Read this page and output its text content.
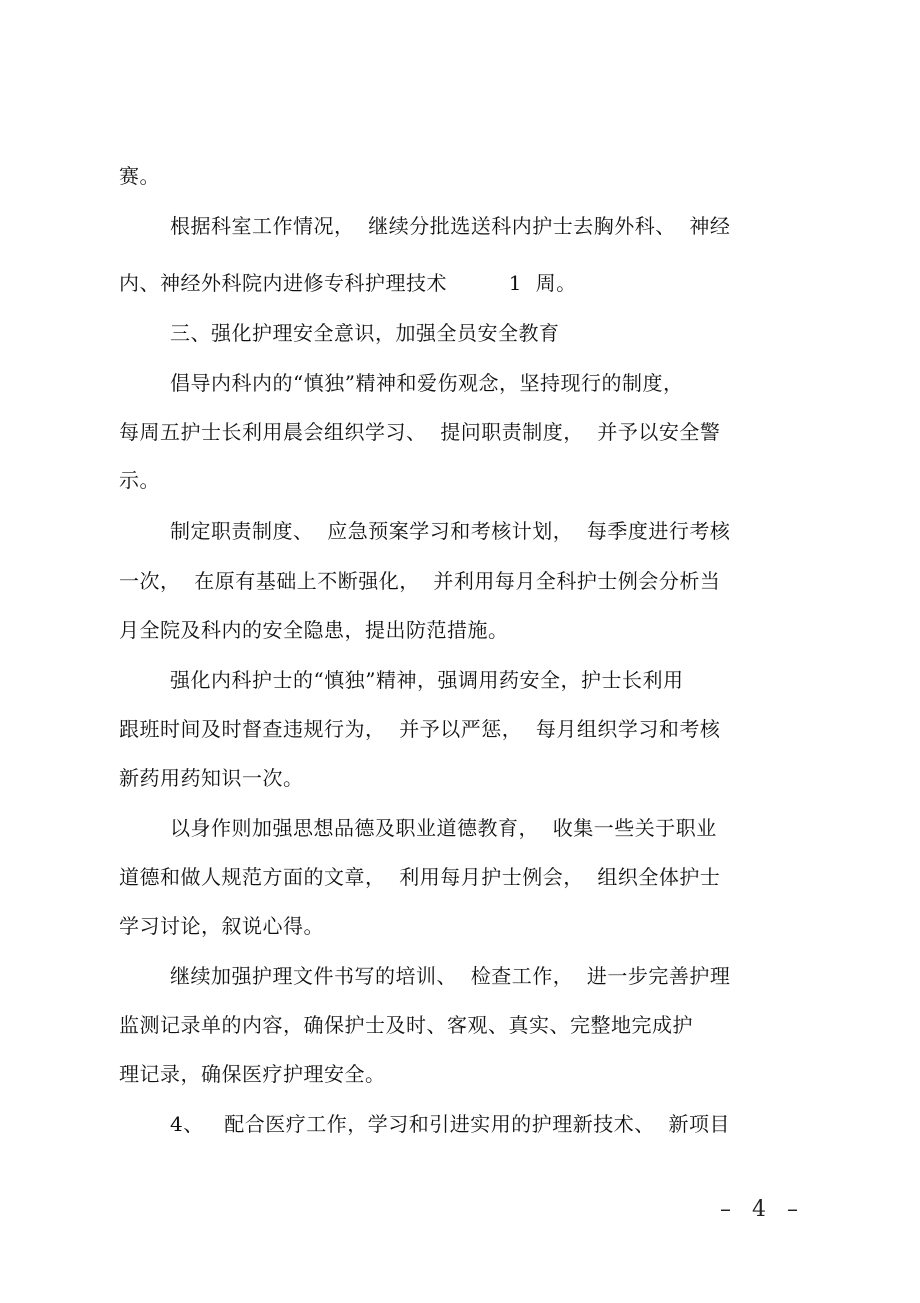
赛。
根据科室工作情况，  继续分批选送科内护士去胸外科、  神经
内、神经外科院内进修专科护理技术         1  周。
三、强化护理安全意识，加强全员安全教育
倡导内科内的“慎独”精神和爱伤观念，坚持现行的制度，
每周五护士长利用晨会组织学习、  提问职责制度，  并予以安全警
示。
制定职责制度、  应急预案学习和考核计划，  每季度进行考核
一次，  在原有基础上不断强化，  并利用每月全科护士例会分析当
月全院及科内的安全隐患，提出防范措施。
强化内科护士的“慎独”精神，强调用药安全，护士长利用
跟班时间及时督查违规行为，  并予以严惩，  每月组织学习和考核
新药用药知识一次。
以身作则加强思想品德及职业道德教育，  收集一些关于职业
道德和做人规范方面的文章，  利用每月护士例会，  组织全体护士
学习讨论，叙说心得。
继续加强护理文件书写的培训、  检查工作，  进一步完善护理
监测记录单的内容，确保护士及时、客观、真实、完整地完成护
理记录，确保医疗护理安全。
4、   配合医疗工作，学习和引进实用的护理新技术、  新项目
–   4   –
